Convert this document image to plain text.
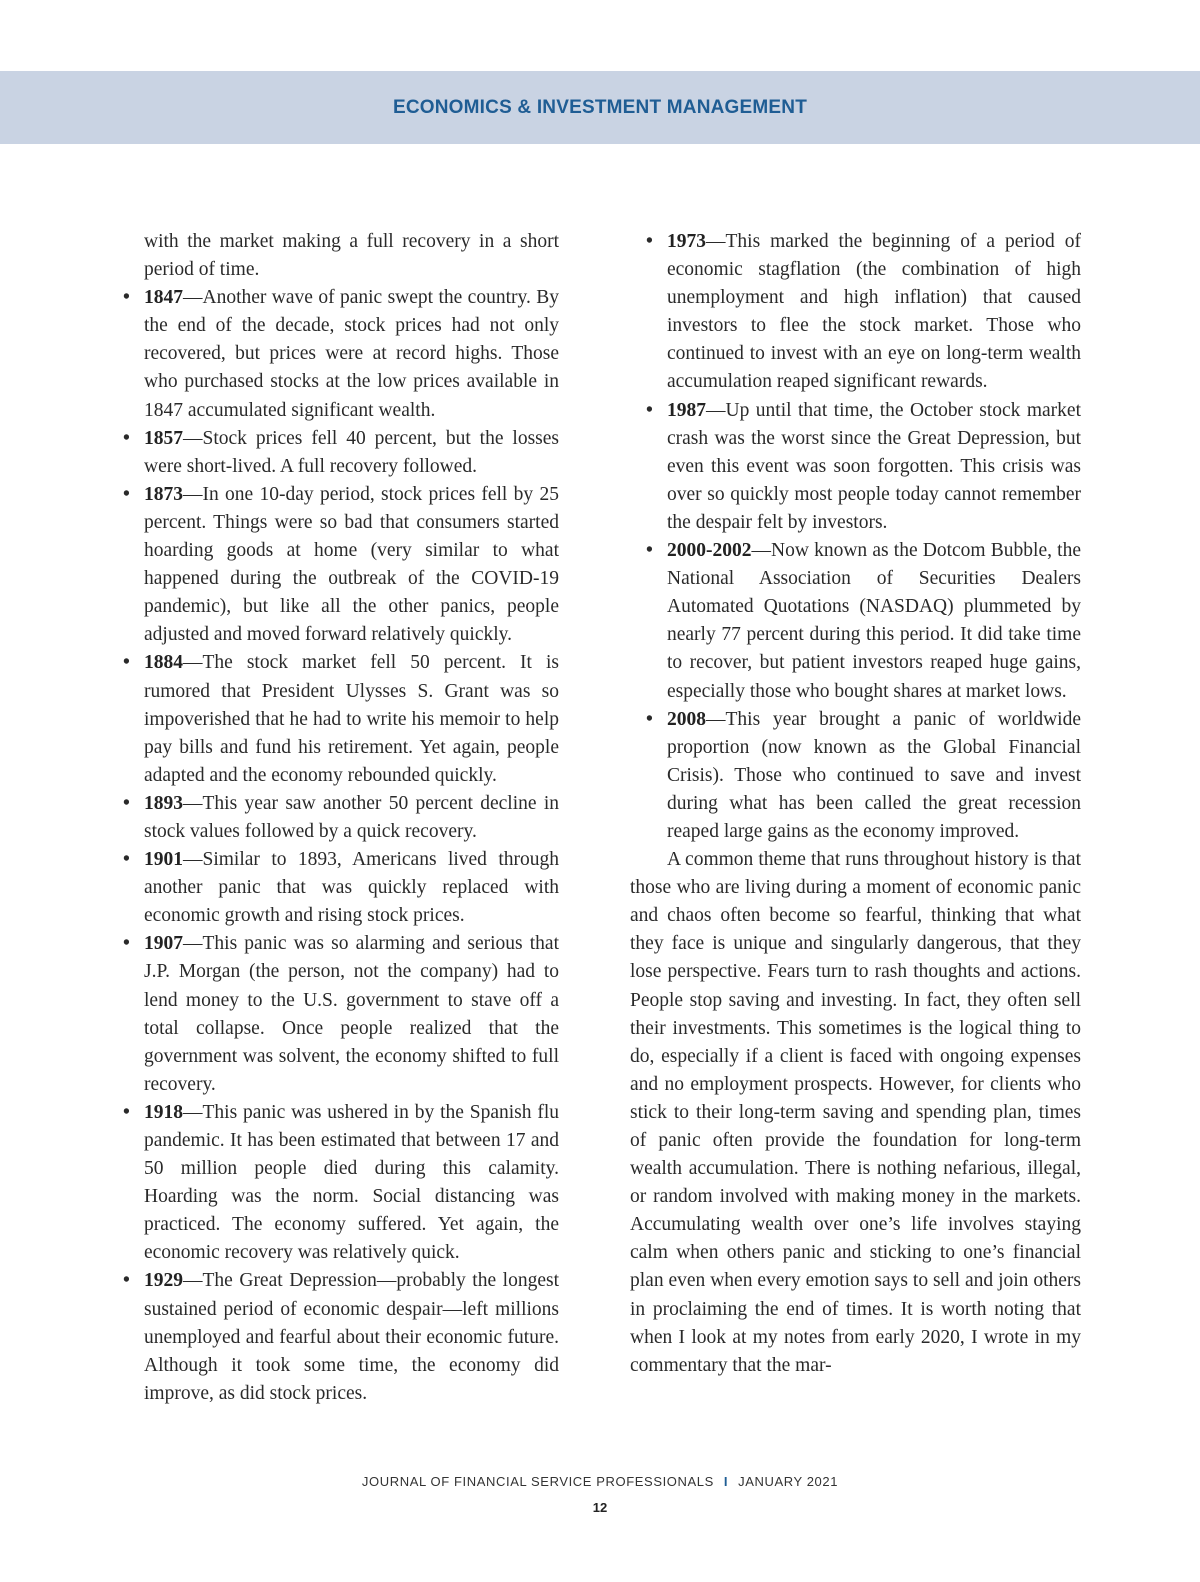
ECONOMICS & INVESTMENT MANAGEMENT

with the market making a full recovery in a short period of time.

• 1847—Another wave of panic swept the country. By the end of the decade, stock prices had not only recovered, but prices were at record highs. Those who purchased stocks at the low prices available in 1847 accumulated significant wealth.
• 1857—Stock prices fell 40 percent, but the losses were short-lived. A full recovery followed.
• 1873—In one 10-day period, stock prices fell by 25 percent. Things were so bad that consumers started hoarding goods at home (very similar to what happened during the outbreak of the COVID-19 pandemic), but like all the other panics, people adjusted and moved forward relatively quickly.
• 1884—The stock market fell 50 percent. It is rumored that President Ulysses S. Grant was so impoverished that he had to write his memoir to help pay bills and fund his retirement. Yet again, people adapted and the economy rebounded quickly.
• 1893—This year saw another 50 percent decline in stock values followed by a quick recovery.
• 1901—Similar to 1893, Americans lived through another panic that was quickly replaced with economic growth and rising stock prices.
• 1907—This panic was so alarming and serious that J.P. Morgan (the person, not the company) had to lend money to the U.S. government to stave off a total collapse. Once people realized that the government was solvent, the economy shifted to full recovery.
• 1918—This panic was ushered in by the Spanish flu pandemic. It has been estimated that between 17 and 50 million people died during this calamity. Hoarding was the norm. Social distancing was practiced. The economy suffered. Yet again, the economic recovery was relatively quick.
• 1929—The Great Depression—probably the longest sustained period of economic despair—left millions unemployed and fearful about their economic future. Although it took some time, the economy did improve, as did stock prices.
• 1973—This marked the beginning of a period of economic stagflation (the combination of high unemployment and high inflation) that caused investors to flee the stock market. Those who continued to invest with an eye on long-term wealth accumulation reaped significant rewards.
• 1987—Up until that time, the October stock market crash was the worst since the Great Depression, but even this event was soon forgotten. This crisis was over so quickly most people today cannot remember the despair felt by investors.
• 2000-2002—Now known as the Dotcom Bubble, the National Association of Securities Dealers Automated Quotations (NASDAQ) plummeted by nearly 77 percent during this period. It did take time to recover, but patient investors reaped huge gains, especially those who bought shares at market lows.
• 2008—This year brought a panic of worldwide proportion (now known as the Global Financial Crisis). Those who continued to save and invest during what has been called the great recession reaped large gains as the economy improved.

A common theme that runs throughout history is that those who are living during a moment of economic panic and chaos often become so fearful, thinking that what they face is unique and singularly dangerous, that they lose perspective. Fears turn to rash thoughts and actions. People stop saving and investing. In fact, they often sell their investments. This sometimes is the logical thing to do, especially if a client is faced with ongoing expenses and no employment prospects. However, for clients who stick to their long-term saving and spending plan, times of panic often provide the foundation for long-term wealth accumulation. There is nothing nefarious, illegal, or random involved with making money in the markets. Accumulating wealth over one’s life involves staying calm when others panic and sticking to one’s financial plan even when every emotion says to sell and join others in proclaiming the end of times. It is worth noting that when I look at my notes from early 2020, I wrote in my commentary that the mar-

JOURNAL OF FINANCIAL SERVICE PROFESSIONALS I JANUARY 2021
12
